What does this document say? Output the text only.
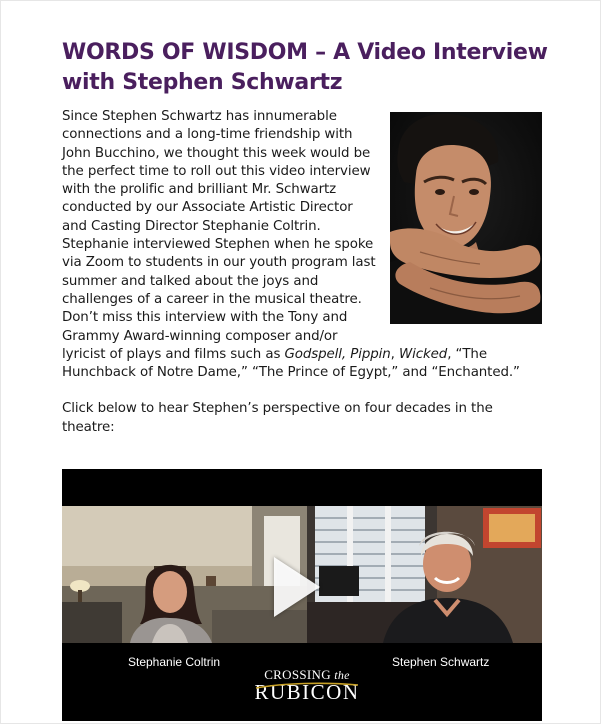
WORDS OF WISDOM – A Video Interview with Stephen Schwartz

Since Stephen Schwartz has innumerable connections and a long-time friendship with John Bucchino, we thought this week would be the perfect time to roll out this video interview with the prolific and brilliant Mr. Schwartz conducted by our Associate Artistic Director and Casting Director Stephanie Coltrin. Stephanie interviewed Stephen when he spoke via Zoom to students in our youth program last summer and talked about the joys and challenges of a career in the musical theatre. Don’t miss this interview with the Tony and Grammy Award-winning composer and/or lyricist of plays and films such as Godspell, Pippin, Wicked, “The Hunchback of Notre Dame,” “The Prince of Egypt,” and “Enchanted.”

Click below to hear Stephen’s perspective on four decades in the theatre:

Stephanie Coltrin	Stephen Schwartz
CROSSING the
RUBICON
